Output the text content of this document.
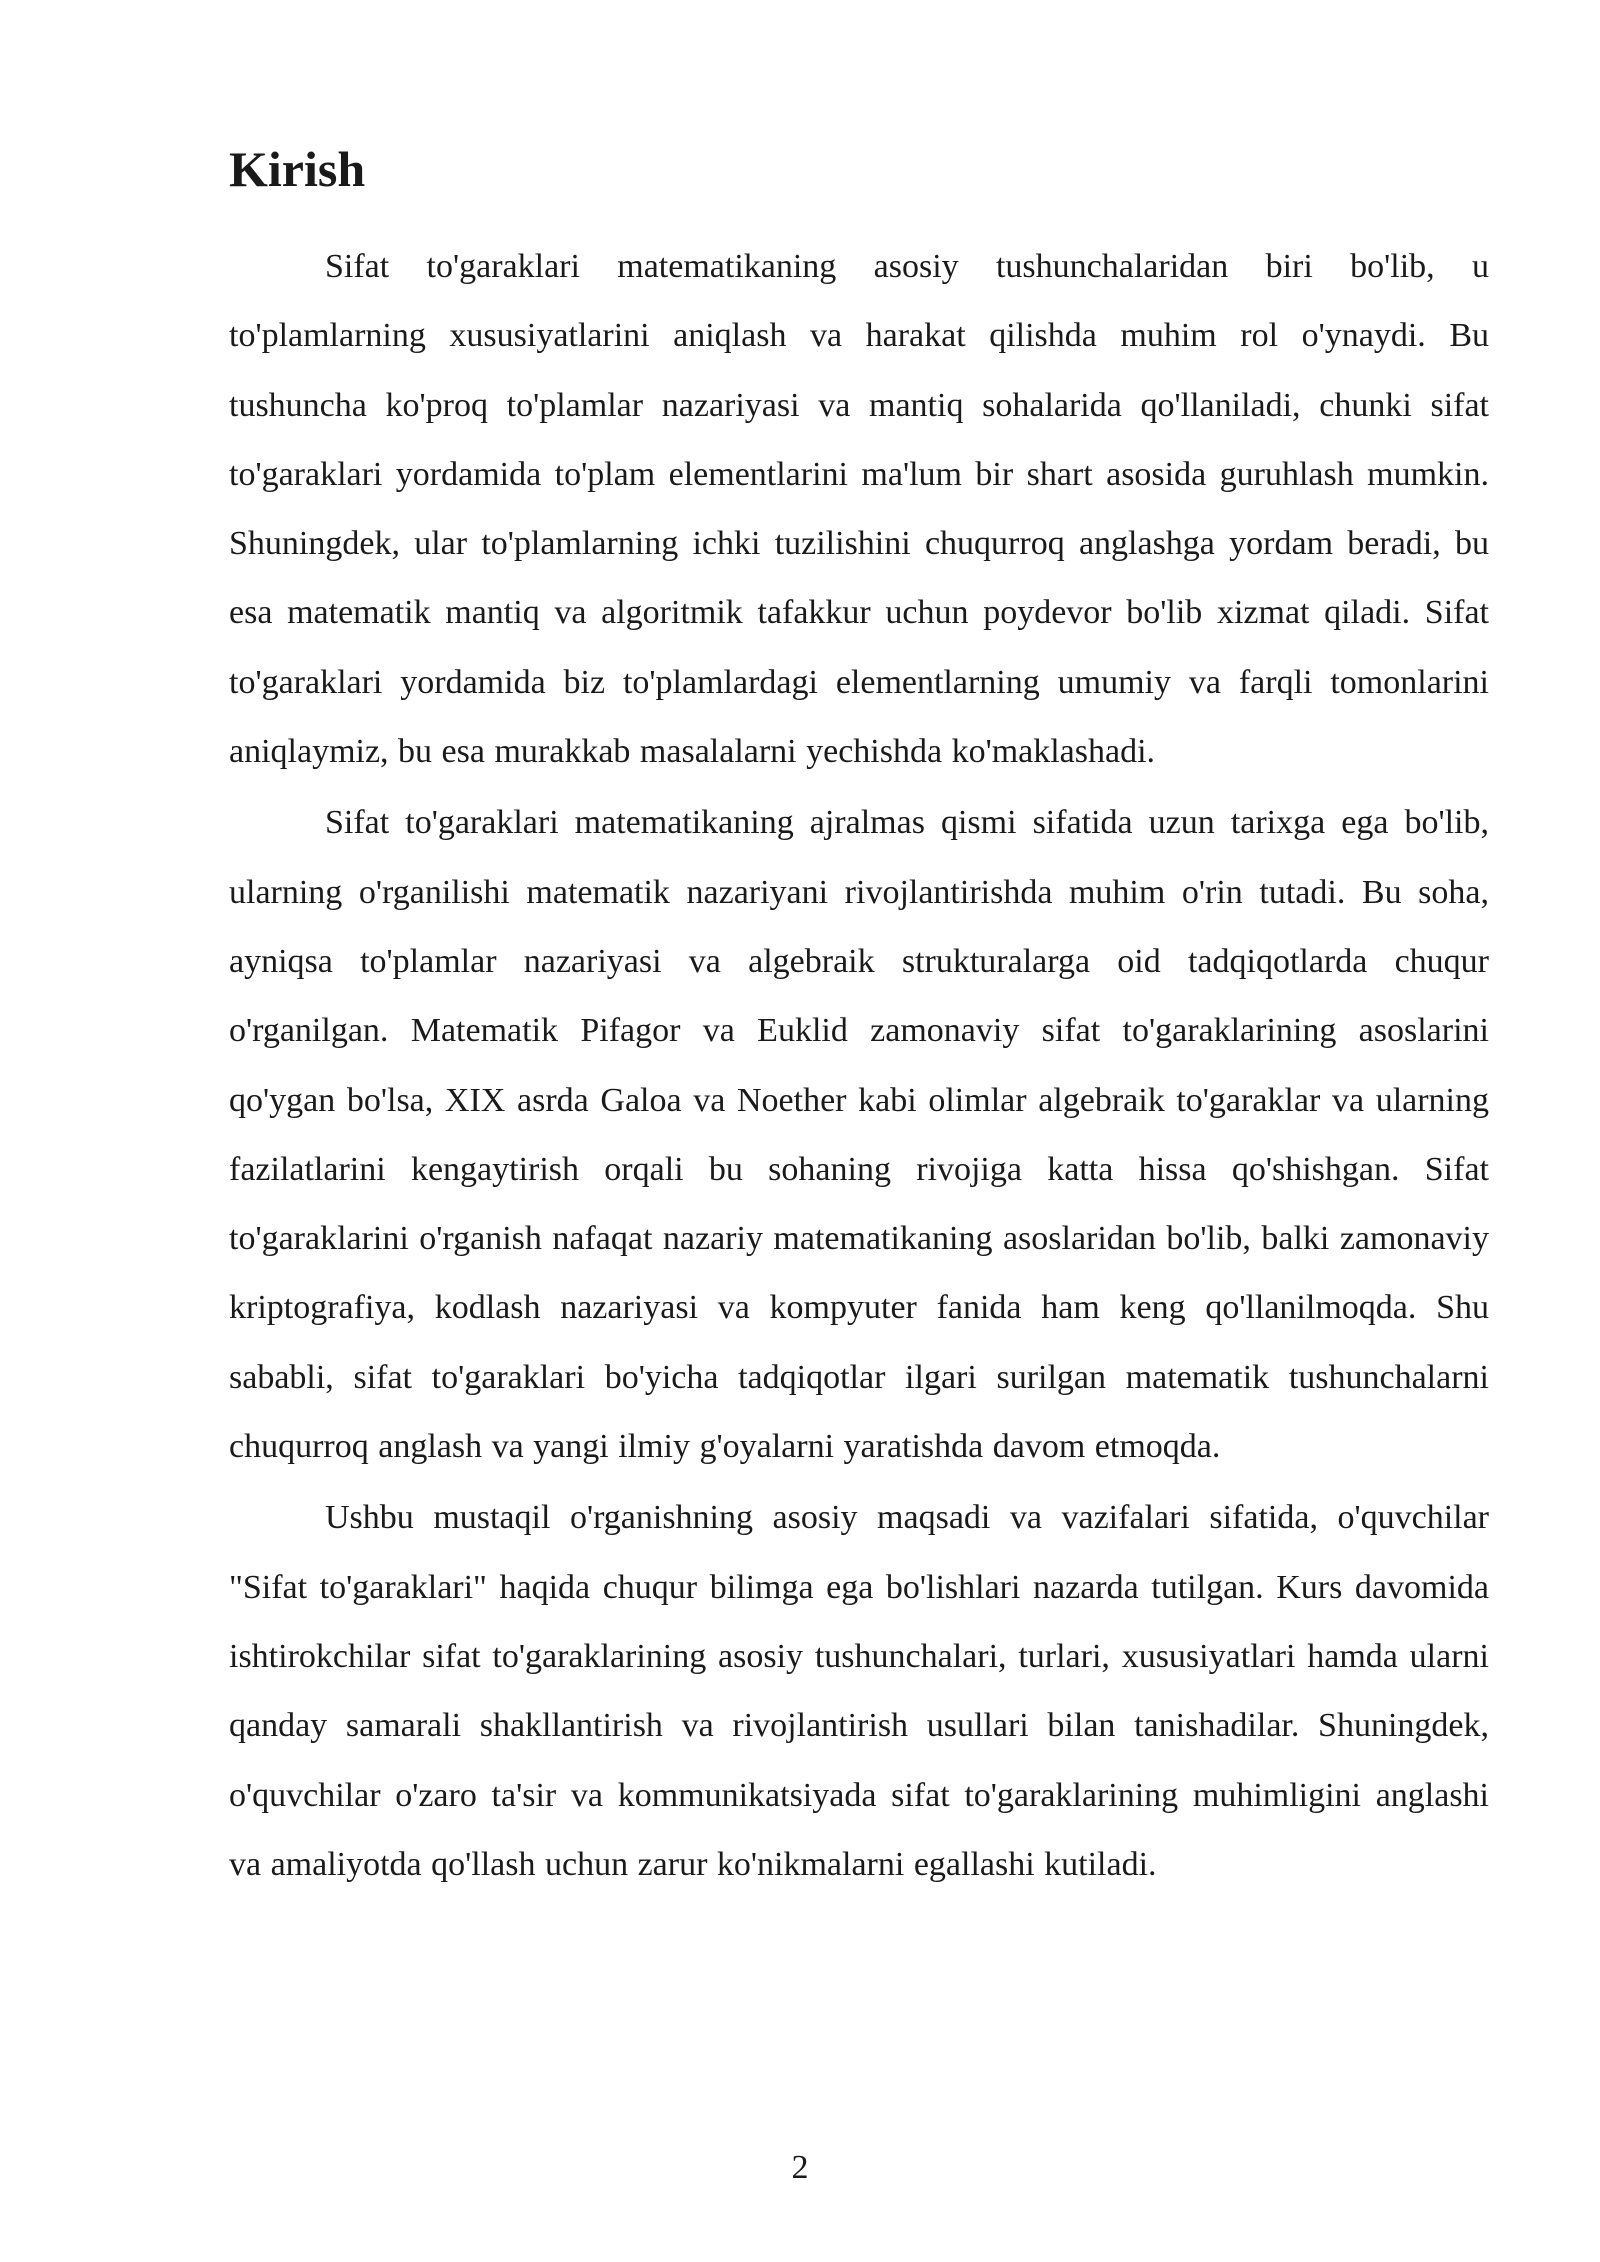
Kirish

Sifat to'garaklari matematikaning asosiy tushunchalaridan biri bo'lib, u to'plamlarning xususiyatlarini aniqlash va harakat qilishda muhim rol o'ynaydi. Bu tushuncha ko'proq to'plamlar nazariyasi va mantiq sohalarida qo'llaniladi, chunki sifat to'garaklari yordamida to'plam elementlarini ma'lum bir shart asosida guruhlash mumkin. Shuningdek, ular to'plamlarning ichki tuzilishini chuqurroq anglashga yordam beradi, bu esa matematik mantiq va algoritmik tafakkur uchun poydevor bo'lib xizmat qiladi. Sifat to'garaklari yordamida biz to'plamlardagi elementlarning umumiy va farqli tomonlarini aniqlaymiz, bu esa murakkab masalalarni yechishda ko'maklashadi.

Sifat to'garaklari matematikaning ajralmas qismi sifatida uzun tarixga ega bo'lib, ularning o'rganilishi matematik nazariyani rivojlantirishda muhim o'rin tutadi. Bu soha, ayniqsa to'plamlar nazariyasi va algebraik strukturalarga oid tadqiqotlarda chuqur o'rganilgan. Matematik Pifagor va Euklid zamonaviy sifat to'garaklarining asoslarini qo'ygan bo'lsa, XIX asrda Galoa va Noether kabi olimlar algebraik to'garaklar va ularning fazilatlarini kengaytirish orqali bu sohaning rivojiga katta hissa qo'shishgan. Sifat to'garaklarini o'rganish nafaqat nazariy matematikaning asoslaridan bo'lib, balki zamonaviy kriptografiya, kodlash nazariyasi va kompyuter fanida ham keng qo'llanilmoqda. Shu sababli, sifat to'garaklari bo'yicha tadqiqotlar ilgari surilgan matematik tushunchalarni chuqurroq anglash va yangi ilmiy g'oyalarni yaratishda davom etmoqda.

Ushbu mustaqil o'rganishning asosiy maqsadi va vazifalari sifatida, o'quvchilar "Sifat to'garaklari" haqida chuqur bilimga ega bo'lishlari nazarda tutilgan. Kurs davomida ishtirokchilar sifat to'garaklarining asosiy tushunchalari, turlari, xususiyatlari hamda ularni qanday samarali shakllantirish va rivojlantirish usullari bilan tanishadilar. Shuningdek, o'quvchilar o'zaro ta'sir va kommunikatsiyada sifat to'garaklarining muhimligini anglashi va amaliyotda qo'llash uchun zarur ko'nikmalarni egallashi kutiladi.

2
